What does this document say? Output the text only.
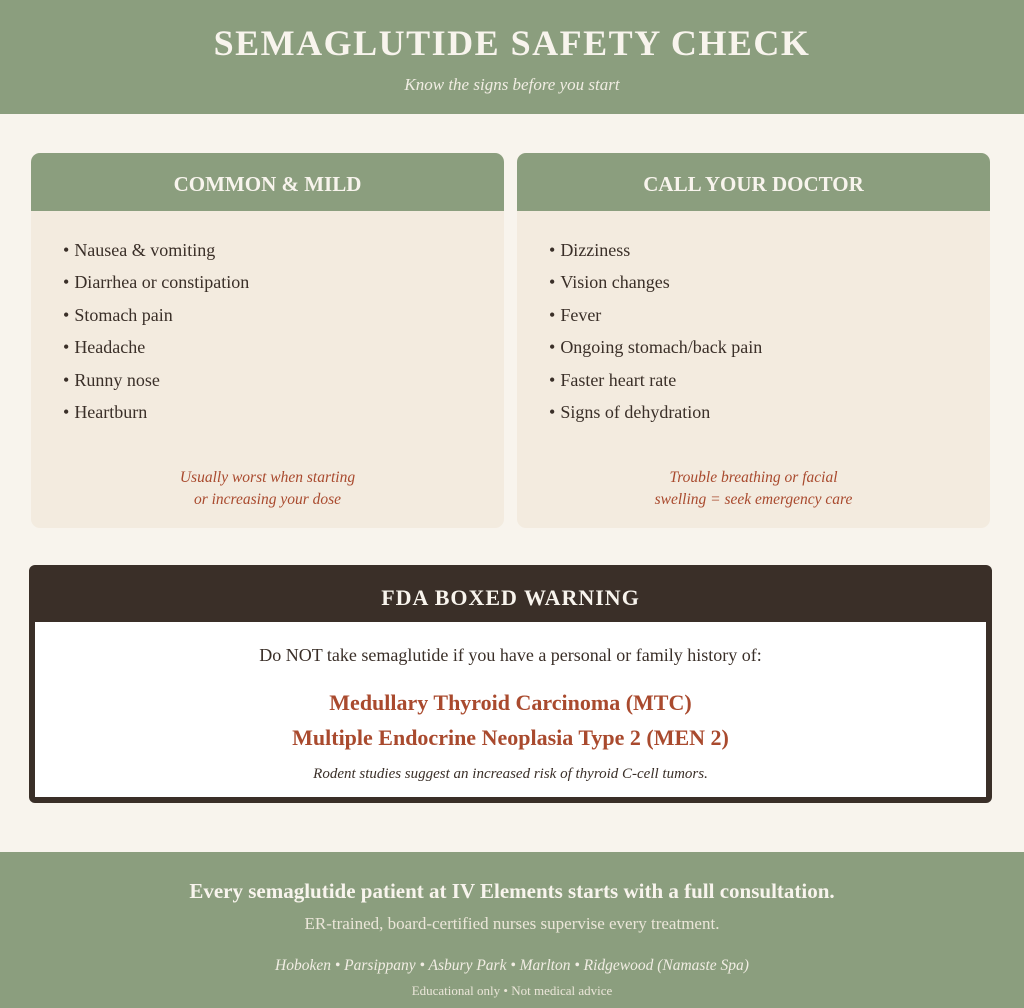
SEMAGLUTIDE SAFETY CHECK
Know the signs before you start
COMMON & MILD
• Nausea & vomiting
• Diarrhea or constipation
• Stomach pain
• Headache
• Runny nose
• Heartburn
Usually worst when starting
or increasing your dose
CALL YOUR DOCTOR
• Dizziness
• Vision changes
• Fever
• Ongoing stomach/back pain
• Faster heart rate
• Signs of dehydration
Trouble breathing or facial
swelling = seek emergency care
FDA BOXED WARNING
Do NOT take semaglutide if you have a personal or family history of:
Medullary Thyroid Carcinoma (MTC)
Multiple Endocrine Neoplasia Type 2 (MEN 2)
Rodent studies suggest an increased risk of thyroid C-cell tumors.
Every semaglutide patient at IV Elements starts with a full consultation.
ER-trained, board-certified nurses supervise every treatment.
Hoboken • Parsippany • Asbury Park • Marlton • Ridgewood (Namaste Spa)
Educational only • Not medical advice
